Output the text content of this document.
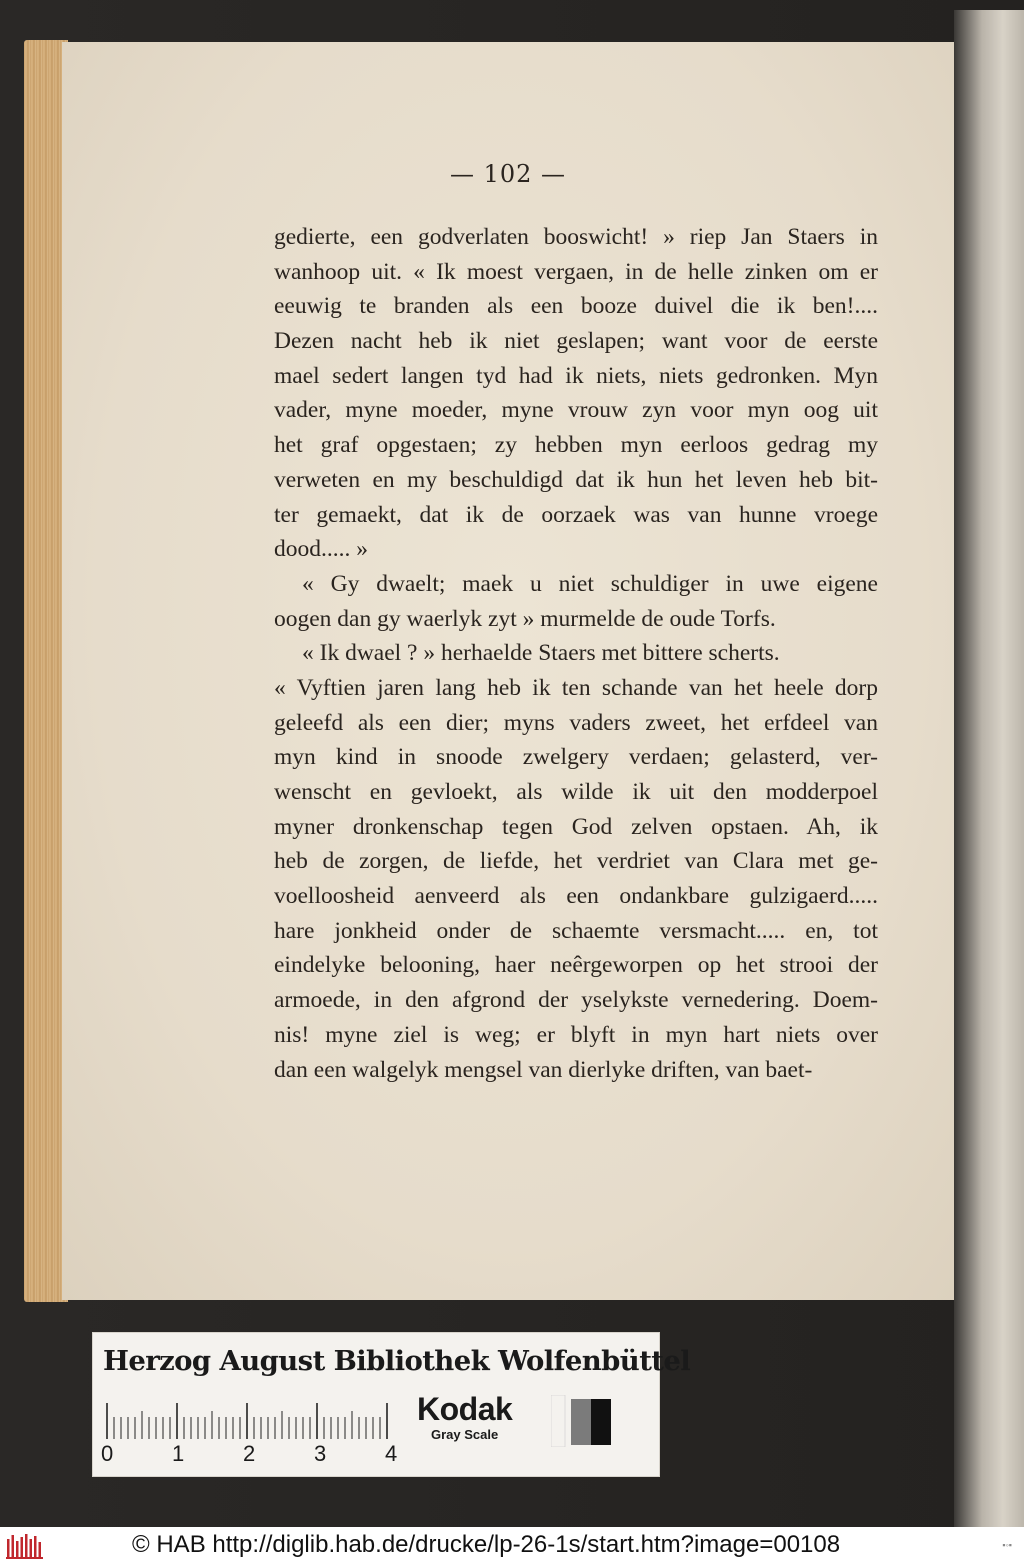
— 102 —
gedierte, een godverlaten booswicht! » riep Jan Staers in
wanhoop uit. « Ik moest vergaen, in de helle zinken om er
eeuwig te branden als een booze duivel die ik ben!....
Dezen nacht heb ik niet geslapen; want voor de eerste
mael sedert langen tyd had ik niets, niets gedronken. Myn
vader, myne moeder, myne vrouw zyn voor myn oog uit
het graf opgestaen; zy hebben myn eerloos gedrag my
verweten en my beschuldigd dat ik hun het leven heb bit-
ter gemaekt, dat ik de oorzaek was van hunne vroege
dood..... »
« Gy dwaelt; maek u niet schuldiger in uwe eigene
oogen dan gy waerlyk zyt » murmelde de oude Torfs.
« Ik dwael ? » herhaelde Staers met bittere scherts.
« Vyftien jaren lang heb ik ten schande van het heele dorp
geleefd als een dier; myns vaders zweet, het erfdeel van
myn kind in snoode zwelgery verdaen; gelasterd, ver-
wenscht en gevloekt, als wilde ik uit den modderpoel
myner dronkenschap tegen God zelven opstaen. Ah, ik
heb de zorgen, de liefde, het verdriet van Clara met ge-
voelloosheid aenveerd als een ondankbare gulzigaerd.....
hare jonkheid onder de schaemte versmacht..... en, tot
eindelyke belooning, haer neêrgeworpen op het strooi der
armoede, in den afgrond der yselykste vernedering. Doem-
nis! myne ziel is weg; er blyft in myn hart niets over
dan een walgelyk mengsel van dierlyke driften, van baet-
Herzog August Bibliothek Wolfenbüttel
0	1	2	3	4
Kodak
Gray Scale
© HAB http://diglib.hab.de/drucke/lp-26-1s/start.htm?image=00108	▪◦▪
